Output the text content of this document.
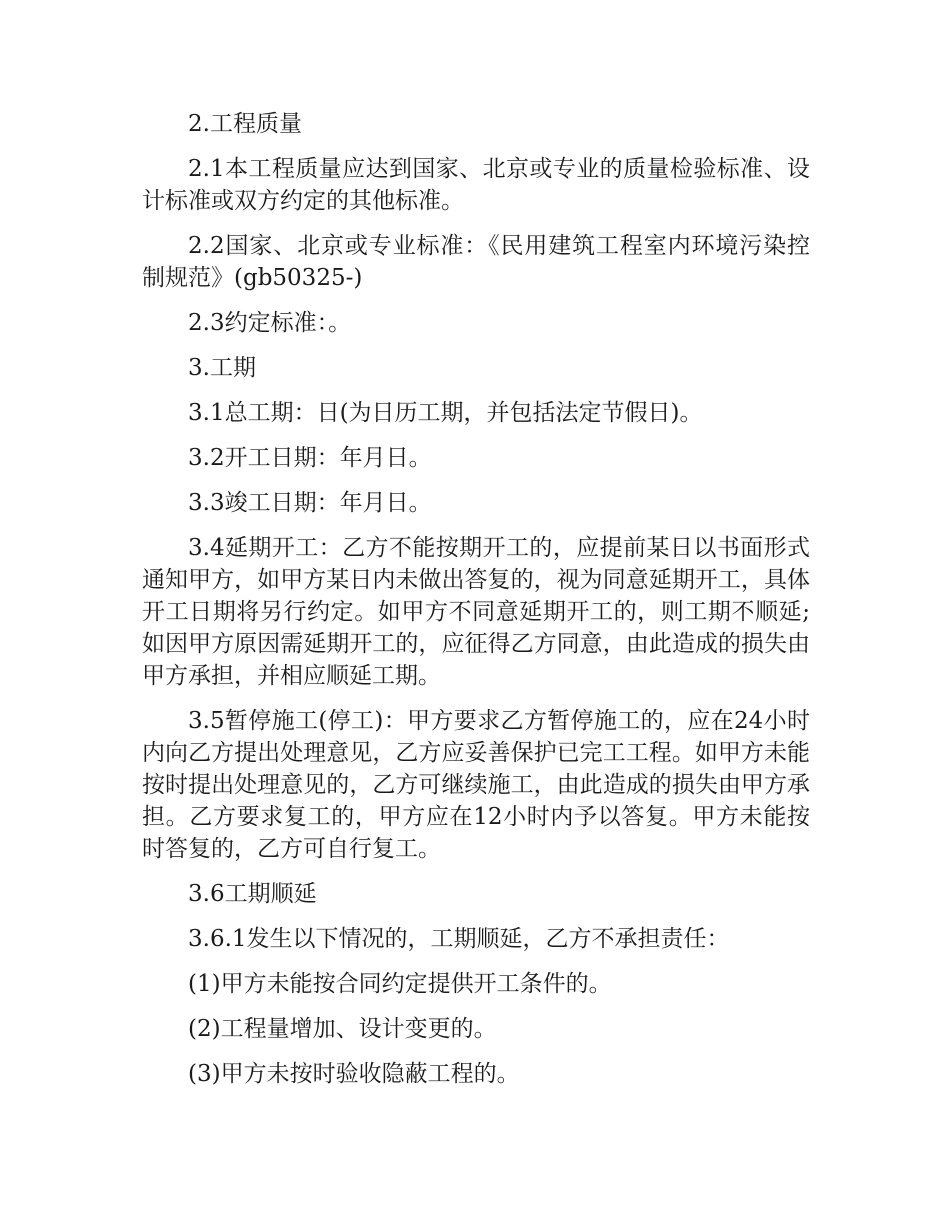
2.工程质量

2.1本工程质量应达到国家、北京或专业的质量检验标准、设计标准或双方约定的其他标准。

2.2国家、北京或专业标准：《民用建筑工程室内环境污染控制规范》(gb50325-)

2.3约定标准：。

3.工期

3.1总工期：日(为日历工期，并包括法定节假日)。

3.2开工日期：年月日。

3.3竣工日期：年月日。

3.4延期开工：乙方不能按期开工的，应提前某日以书面形式通知甲方，如甲方某日内未做出答复的，视为同意延期开工，具体开工日期将另行约定。如甲方不同意延期开工的，则工期不顺延;如因甲方原因需延期开工的，应征得乙方同意，由此造成的损失由甲方承担，并相应顺延工期。

3.5暂停施工(停工)：甲方要求乙方暂停施工的，应在24小时内向乙方提出处理意见，乙方应妥善保护已完工工程。如甲方未能按时提出处理意见的，乙方可继续施工，由此造成的损失由甲方承担。乙方要求复工的，甲方应在12小时内予以答复。甲方未能按时答复的，乙方可自行复工。

3.6工期顺延

3.6.1发生以下情况的，工期顺延，乙方不承担责任：

(1)甲方未能按合同约定提供开工条件的。

(2)工程量增加、设计变更的。

(3)甲方未按时验收隐蔽工程的。
